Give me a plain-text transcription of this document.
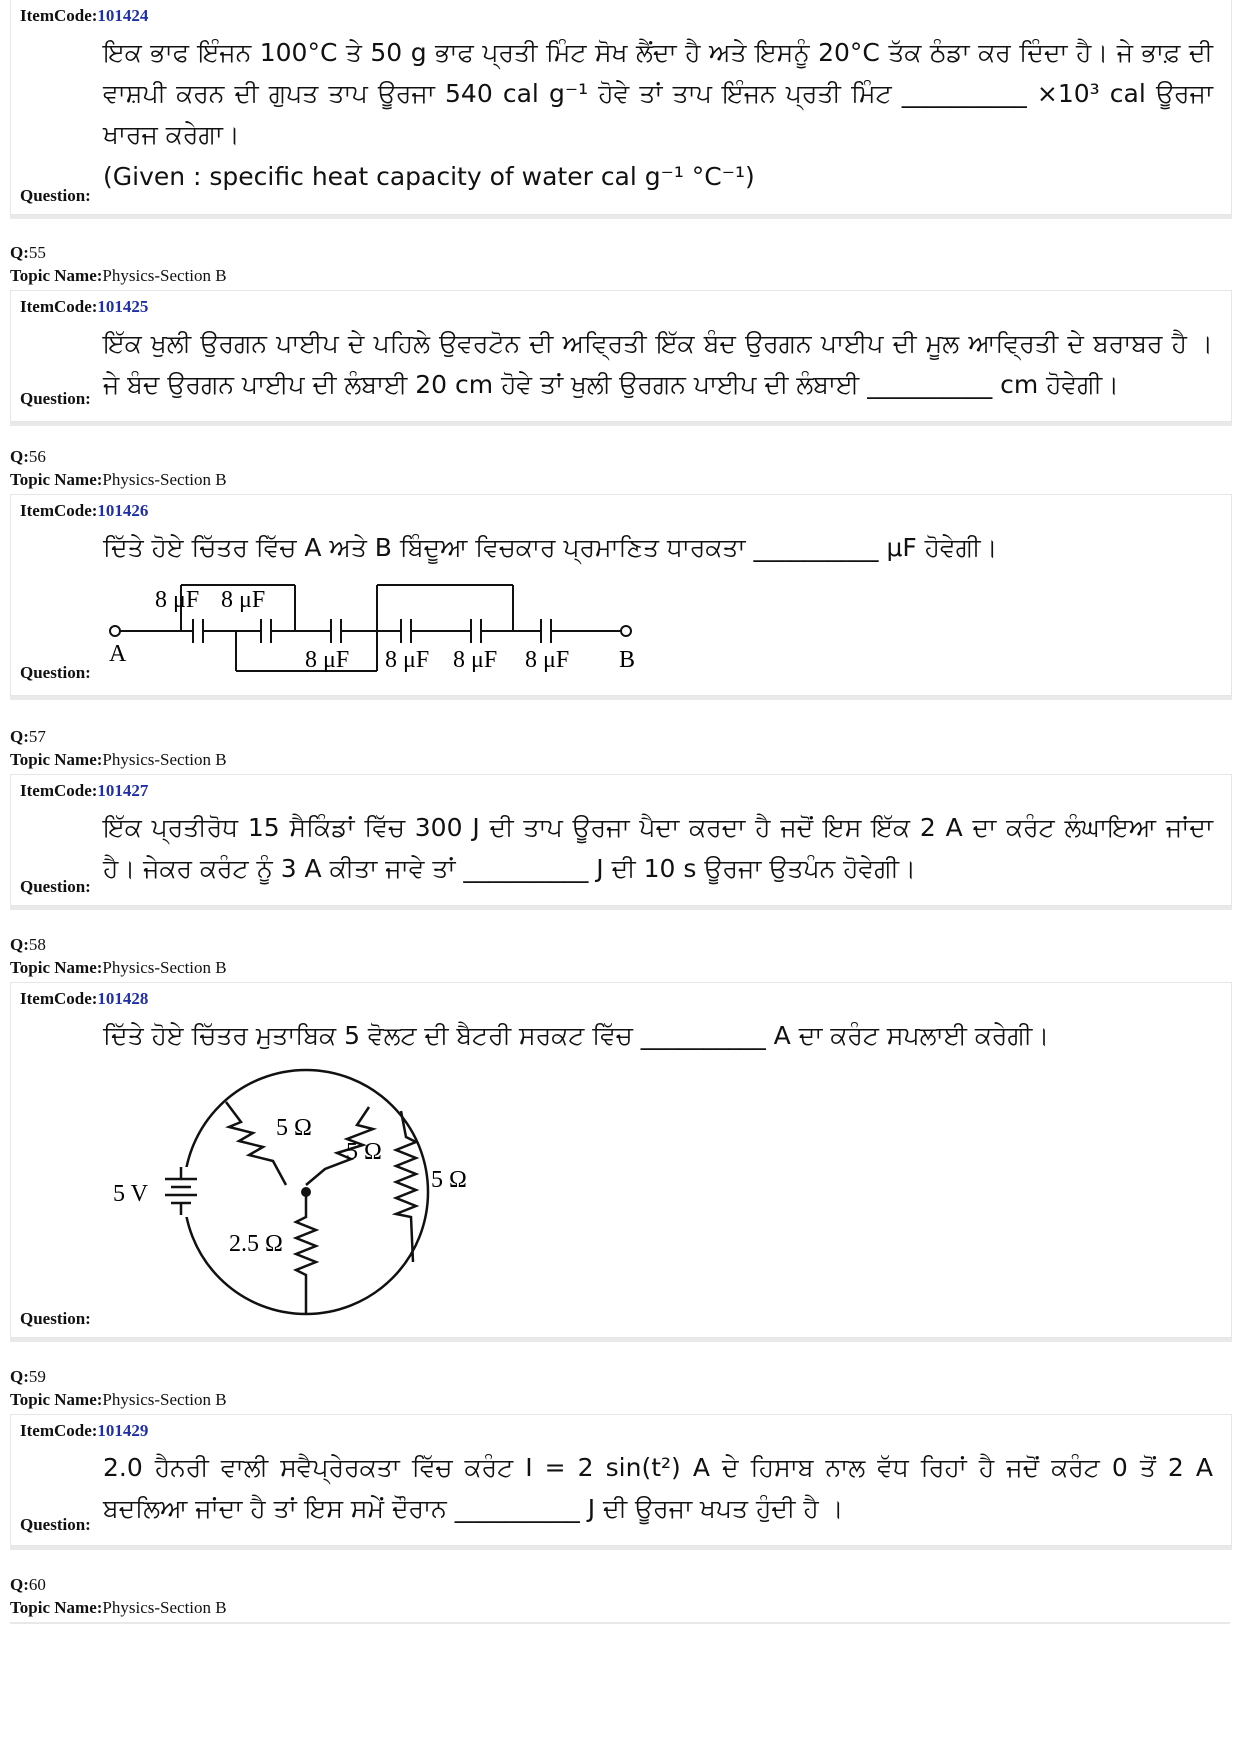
ItemCode:101424
ਇਕ ਭਾਫ ਇੰਜਨ 100°C ਤੇ 50 g ਭਾਫ ਪ੍ਰਤੀ ਮਿੰਟ ਸੋਖ ਲੈਂਦਾ ਹੈ ਅਤੇ ਇਸਨੂੰ 20°C ਤੱਕ ਠੰਡਾ ਕਰ ਦਿੰਦਾ ਹੈ। ਜੇ ਭਾਫ਼ ਦੀ ਵਾਸ਼ਪੀ ਕਰਨ ਦੀ ਗੁਪਤ ਤਾਪ ਊਰਜਾ 540 cal g⁻¹ ਹੋਵੇ ਤਾਂ ਤਾਪ ਇੰਜਨ ਪ੍ਰਤੀ ਮਿੰਟ __________ ×10³ cal ਊਰਜਾ ਖਾਰਜ ਕਰੇਗਾ।
(Given : specific heat capacity of water cal g⁻¹ °C⁻¹)
Question:
Q:55
Topic Name:Physics-Section B
ItemCode:101425
ਇੱਕ ਖੁਲੀ ਉਰਗਨ ਪਾਈਪ ਦੇ ਪਹਿਲੇ ਉਵਰਟੋਨ ਦੀ ਅਵ੍ਰਿਤੀ ਇੱਕ ਬੰਦ ਉਰਗਨ ਪਾਈਪ ਦੀ ਮੂਲ ਆਵ੍ਰਿਤੀ ਦੇ ਬਰਾਬਰ ਹੈ । ਜੇ ਬੰਦ ਉਰਗਨ ਪਾਈਪ ਦੀ ਲੰਬਾਈ 20 cm ਹੋਵੇ ਤਾਂ ਖੁਲੀ ਉਰਗਨ ਪਾਈਪ ਦੀ ਲੰਬਾਈ __________ cm ਹੋਵੇਗੀ।
Question:
Q:56
Topic Name:Physics-Section B
ItemCode:101426
ਦਿੱਤੇ ਹੋਏ ਚਿੱਤਰ ਵਿੱਚ A ਅਤੇ B ਬਿੰਦੂਆ ਵਿਚਕਾਰ ਪ੍ਰਮਾਣਿਤ ਧਾਰਕਤਾ __________ μF ਹੋਵੇਗੀ।
A
8 μF 8 μF
8 μF 8 μF 8 μF 8 μF B
Question:
Q:57
Topic Name:Physics-Section B
ItemCode:101427
ਇੱਕ ਪ੍ਰਤੀਰੋਧ 15 ਸੈਕਿੰਡਾਂ ਵਿੱਚ 300 J ਦੀ ਤਾਪ ਊਰਜਾ ਪੈਦਾ ਕਰਦਾ ਹੈ ਜਦੋਂ ਇਸ ਇੱਕ 2 A ਦਾ ਕਰੰਟ ਲੰਘਾਇਆ ਜਾਂਦਾ ਹੈ। ਜੇਕਰ ਕਰੰਟ ਨੂੰ 3 A ਕੀਤਾ ਜਾਵੇ ਤਾਂ __________ J ਦੀ 10 s ਊਰਜਾ ਉਤਪੰਨ ਹੋਵੇਗੀ।
Question:
Q:58
Topic Name:Physics-Section B
ItemCode:101428
ਦਿੱਤੇ ਹੋਏ ਚਿੱਤਰ ਮੁਤਾਬਿਕ 5 ਵੋਲਟ ਦੀ ਬੈਟਰੀ ਸਰਕਟ ਵਿੱਚ __________ A ਦਾ ਕਰੰਟ ਸਪਲਾਈ ਕਰੇਗੀ।
5 V
5 Ω
5 Ω
5 Ω
2.5 Ω
Question:
Q:59
Topic Name:Physics-Section B
ItemCode:101429
2.0 ਹੈਨਰੀ ਵਾਲੀ ਸਵੈਪ੍ਰੇਰਕਤਾ ਵਿੱਚ ਕਰੰਟ I = 2 sin(t²) A ਦੇ ਹਿਸਾਬ ਨਾਲ ਵੱਧ ਰਿਹਾਂ ਹੈ ਜਦੋਂ ਕਰੰਟ 0 ਤੋਂ 2 A ਬਦਲਿਆ ਜਾਂਦਾ ਹੈ ਤਾਂ ਇਸ ਸਮੇਂ ਦੌਰਾਨ __________ J ਦੀ ਊਰਜਾ ਖਪਤ ਹੁੰਦੀ ਹੈ ।
Question:
Q:60
Topic Name:Physics-Section B
